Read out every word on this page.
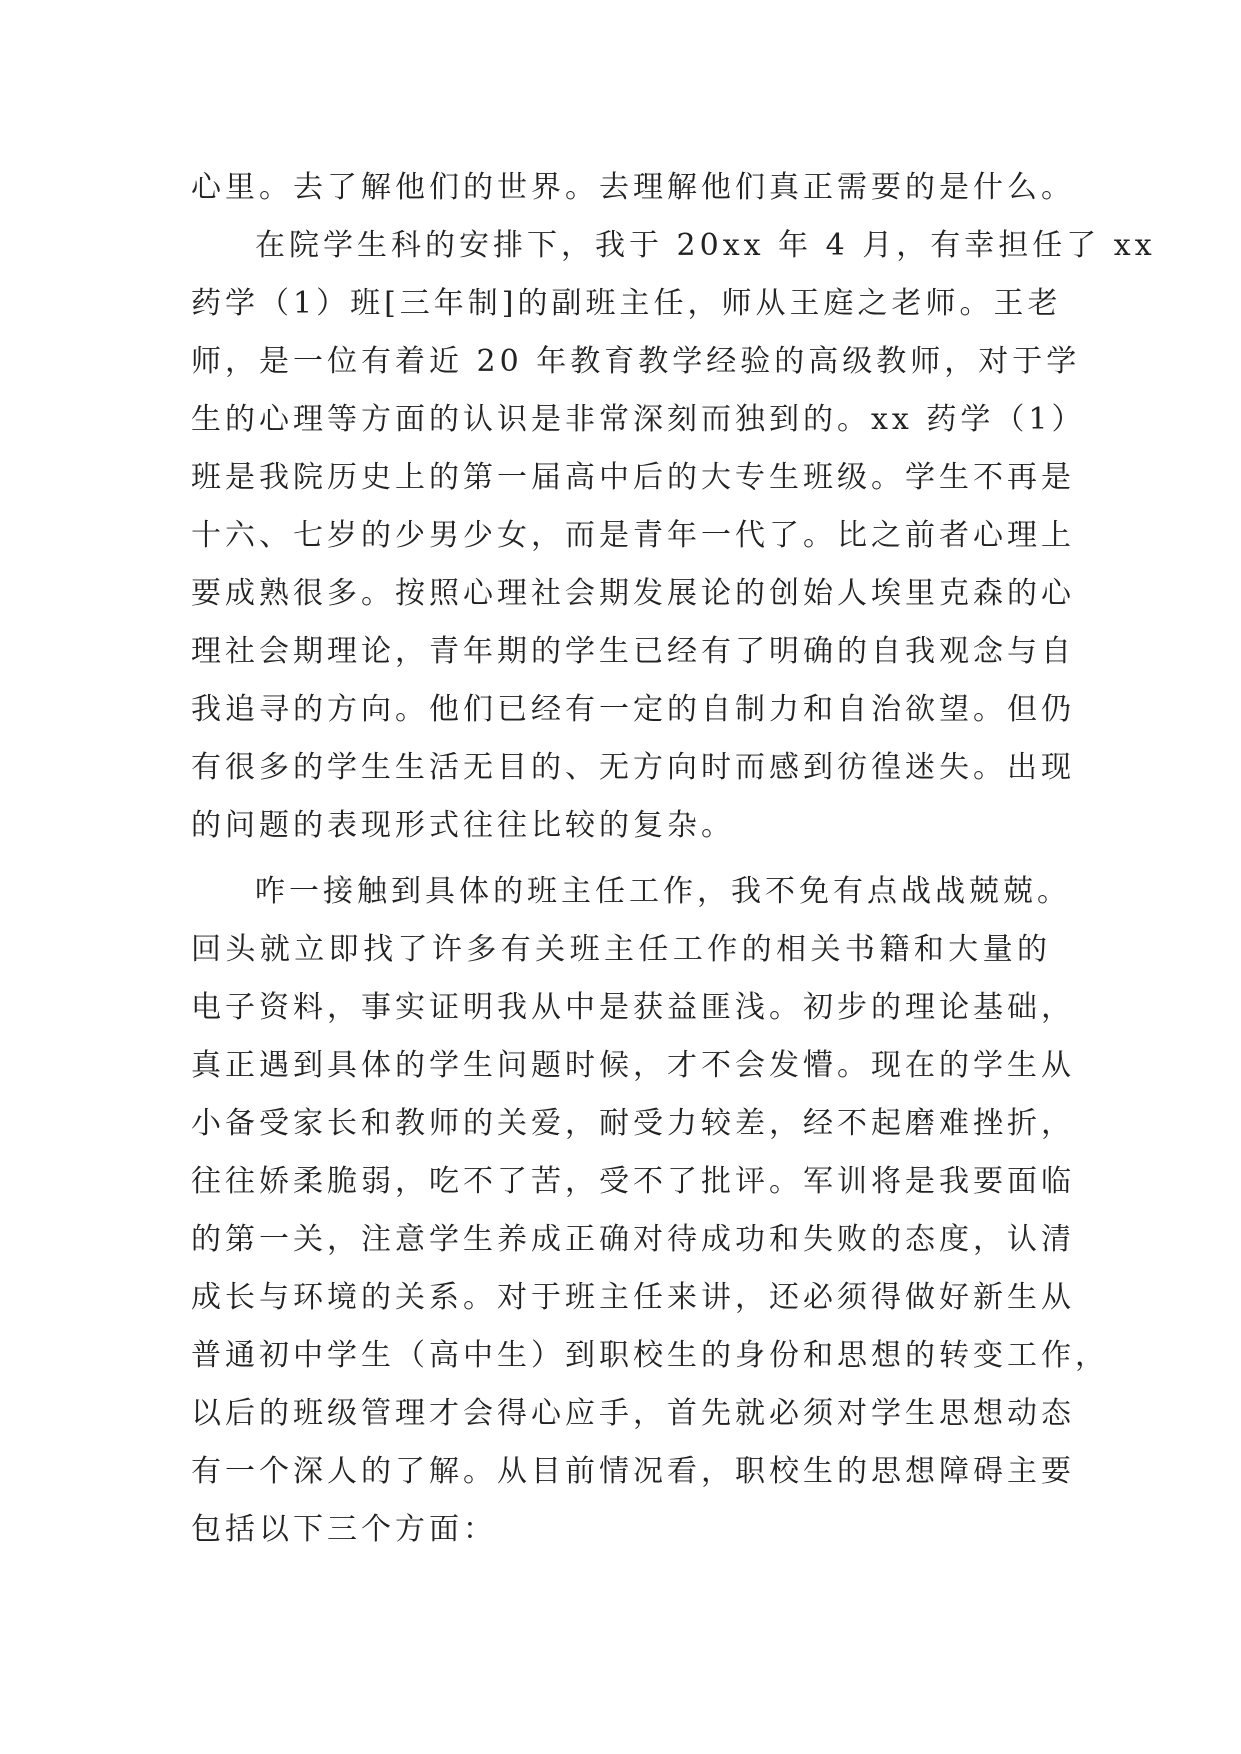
心里。去了解他们的世界。去理解他们真正需要的是什么。
在院学生科的安排下，我于 20xx 年 4 月，有幸担任了 xx
药学（1）班[三年制]的副班主任，师从王庭之老师。王老
师，是一位有着近 20 年教育教学经验的高级教师，对于学
生的心理等方面的认识是非常深刻而独到的。xx 药学（1）
班是我院历史上的第一届高中后的大专生班级。学生不再是
十六、七岁的少男少女，而是青年一代了。比之前者心理上
要成熟很多。按照心理社会期发展论的创始人埃里克森的心
理社会期理论，青年期的学生已经有了明确的自我观念与自
我追寻的方向。他们已经有一定的自制力和自治欲望。但仍
有很多的学生生活无目的、无方向时而感到彷徨迷失。出现
的问题的表现形式往往比较的复杂。
咋一接触到具体的班主任工作，我不免有点战战兢兢。
回头就立即找了许多有关班主任工作的相关书籍和大量的
电子资料，事实证明我从中是获益匪浅。初步的理论基础，
真正遇到具体的学生问题时候，才不会发懵。现在的学生从
小备受家长和教师的关爱，耐受力较差，经不起磨难挫折，
往往娇柔脆弱，吃不了苦，受不了批评。军训将是我要面临
的第一关，注意学生养成正确对待成功和失败的态度，认清
成长与环境的关系。对于班主任来讲，还必须得做好新生从
普通初中学生（高中生）到职校生的身份和思想的转变工作，
以后的班级管理才会得心应手，首先就必须对学生思想动态
有一个深人的了解。从目前情况看，职校生的思想障碍主要
包括以下三个方面：
